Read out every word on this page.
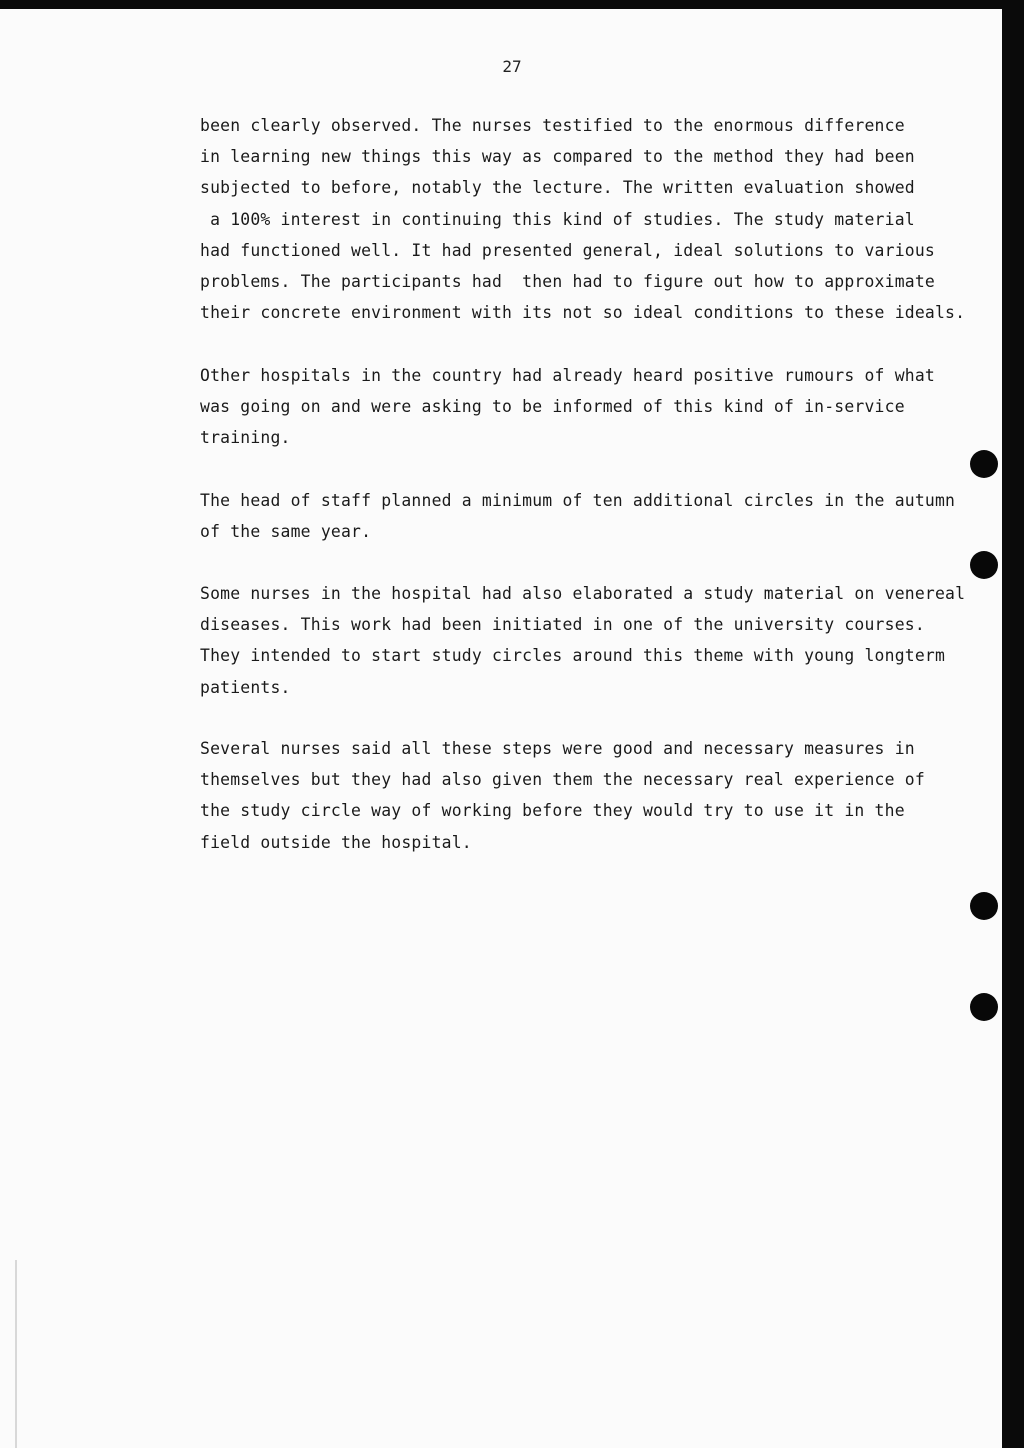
27
been clearly observed. The nurses testified to the enormous difference
in learning new things this way as compared to the method they had been
subjected to before, notably the lecture. The written evaluation showed
a 100% interest in continuing this kind of studies. The study material
had functioned well. It had presented general, ideal solutions to various
problems. The participants had  then had to figure out how to approximate
their concrete environment with its not so ideal conditions to these ideals.
Other hospitals in the country had already heard positive rumours of what
was going on and were asking to be informed of this kind of in-service
training.
The head of staff planned a minimum of ten additional circles in the autumn
of the same year.
Some nurses in the hospital had also elaborated a study material on venereal
diseases. This work had been initiated in one of the university courses.
They intended to start study circles around this theme with young longterm
patients.
Several nurses said all these steps were good and necessary measures in
themselves but they had also given them the necessary real experience of
the study circle way of working before they would try to use it in the
field outside the hospital.
